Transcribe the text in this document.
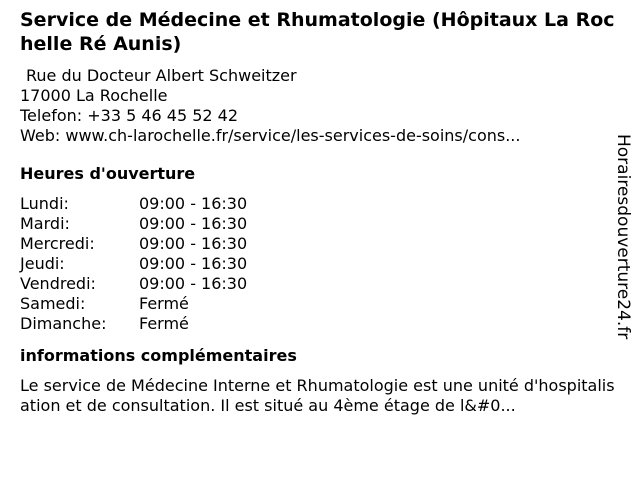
Service de Médecine et Rhumatologie (Hôpitaux La Rochelle Ré Aunis)
Rue du Docteur Albert Schweitzer
17000 La Rochelle
Telefon: +33 5 46 45 52 42
Web: www.ch-larochelle.fr/service/les-services-de-soins/cons...
Heures d'ouverture
Lundi:	09:00 - 16:30
Mardi:	09:00 - 16:30
Mercredi:	09:00 - 16:30
Jeudi:	09:00 - 16:30
Vendredi:	09:00 - 16:30
Samedi:	Fermé
Dimanche:	Fermé
informations complémentaires
Le service de Médecine Interne et Rhumatologie est une unité d'hospitalisation et de consultation. Il est situé au 4ème étage de l&#0...
Horairesdouverture24.fr
